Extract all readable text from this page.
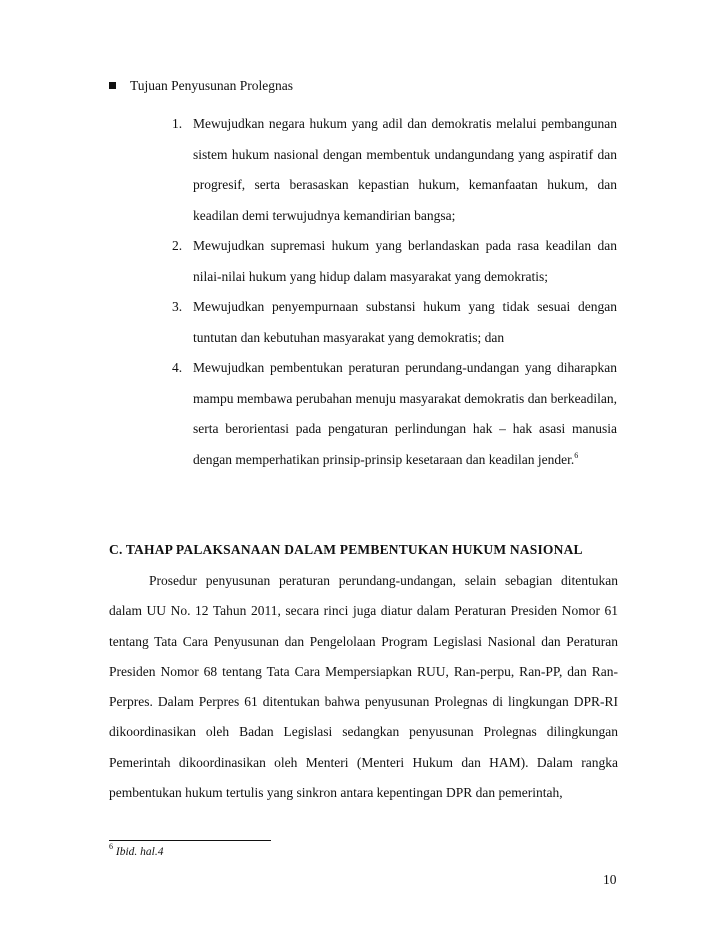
Tujuan Penyusunan Prolegnas
1. Mewujudkan negara hukum yang adil dan demokratis melalui pembangunan sistem hukum nasional dengan membentuk undangundang yang aspiratif dan progresif, serta berasaskan kepastian hukum, kemanfaatan hukum, dan keadilan demi terwujudnya kemandirian bangsa;
2. Mewujudkan supremasi hukum yang berlandaskan pada rasa keadilan dan nilai-nilai hukum yang hidup dalam masyarakat yang demokratis;
3. Mewujudkan penyempurnaan substansi hukum yang tidak sesuai dengan tuntutan dan kebutuhan masyarakat yang demokratis; dan
4. Mewujudkan pembentukan peraturan perundang-undangan yang diharapkan mampu membawa perubahan menuju masyarakat demokratis dan berkeadilan, serta berorientasi pada pengaturan perlindungan hak – hak asasi manusia dengan memperhatikan prinsip-prinsip kesetaraan dan keadilan jender.$^6$
C. TAHAP PALAKSANAAN DALAM PEMBENTUKAN HUKUM NASIONAL

Prosedur penyusunan peraturan perundang-undangan, selain sebagian ditentukan dalam UU No. 12 Tahun 2011, secara rinci juga diatur dalam Peraturan Presiden Nomor 61 tentang Tata Cara Penyusunan dan Pengelolaan Program Legislasi Nasional dan Peraturan Presiden Nomor 68 tentang Tata Cara Mempersiapkan RUU, Ran-perpu, Ran-PP, dan Ran-Perpres. Dalam Perpres 61 ditentukan bahwa penyusunan Prolegnas di lingkungan DPR-RI dikoordinasikan oleh Badan Legislasi sedangkan penyusunan Prolegnas dilingkungan Pemerintah dikoordinasikan oleh Menteri (Menteri Hukum dan HAM). Dalam rangka pembentukan hukum tertulis yang sinkron antara kepentingan DPR dan pemerintah,

$^6$ Ibid. hal.4
10
